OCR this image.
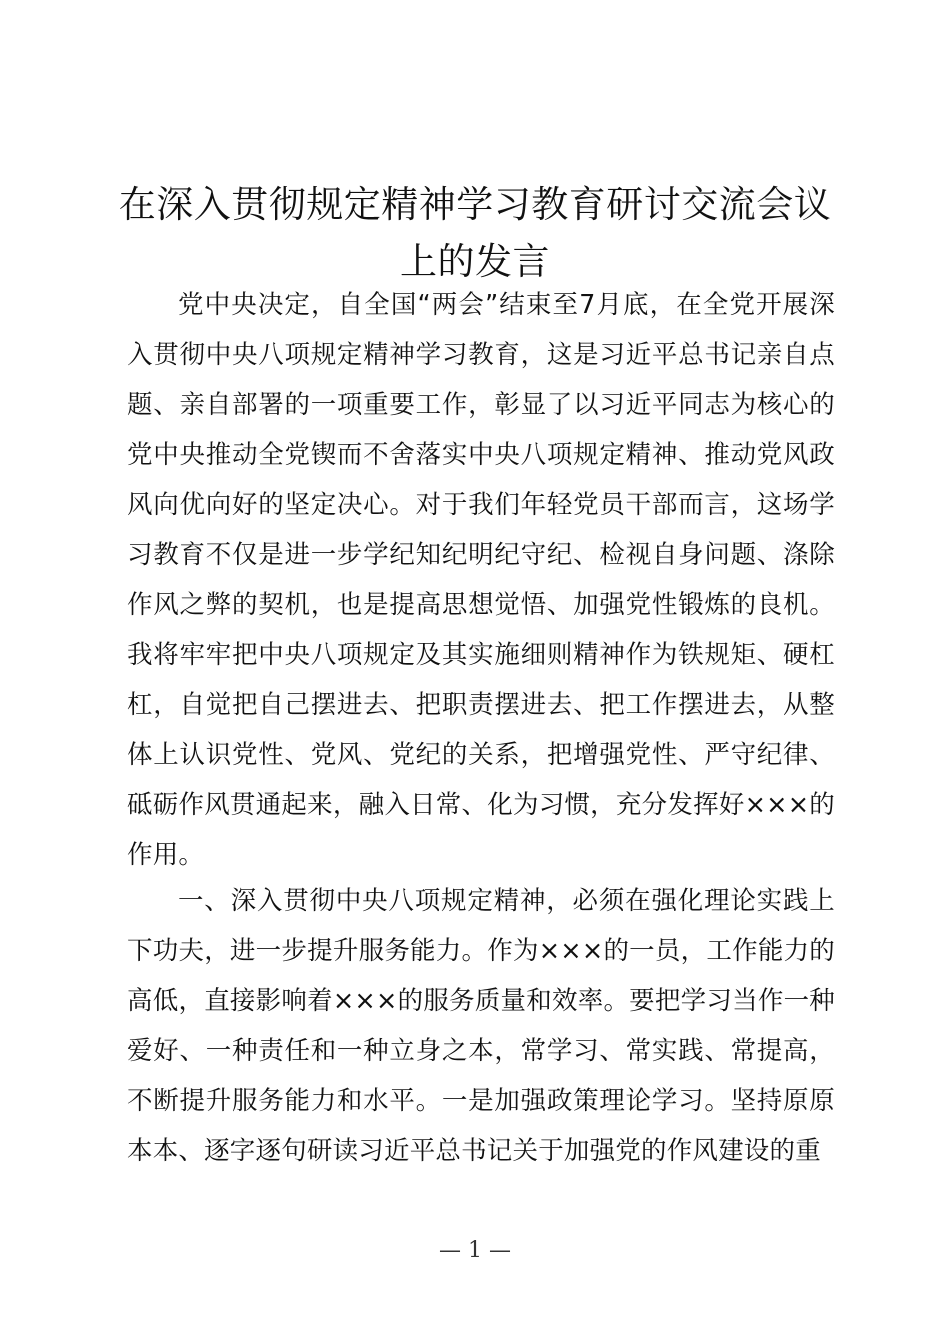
在深入贯彻规定精神学习教育研讨交流会议上的发言

党中央决定，自全国“两会”结束至7月底，在全党开展深入贯彻中央八项规定精神学习教育，这是习近平总书记亲自点题、亲自部署的一项重要工作，彰显了以习近平同志为核心的党中央推动全党锲而不舍落实中央八项规定精神、推动党风政风向优向好的坚定决心。对于我们年轻党员干部而言，这场学习教育不仅是进一步学纪知纪明纪守纪、检视自身问题、涤除作风之弊的契机，也是提高思想觉悟、加强党性锻炼的良机。我将牢牢把中央八项规定及其实施细则精神作为铁规矩、硬杠杠，自觉把自己摆进去、把职责摆进去、把工作摆进去，从整体上认识党性、党风、党纪的关系，把增强党性、严守纪律、砥砺作风贯通起来，融入日常、化为习惯，充分发挥好×××的作用。

一、深入贯彻中央八项规定精神，必须在强化理论实践上下功夫，进一步提升服务能力。作为×××的一员，工作能力的高低，直接影响着×××的服务质量和效率。要把学习当作一种爱好、一种责任和一种立身之本，常学习、常实践、常提高，不断提升服务能力和水平。一是加强政策理论学习。坚持原原本本、逐字逐句研读习近平总书记关于加强党的作风建设的重

— 1 —
